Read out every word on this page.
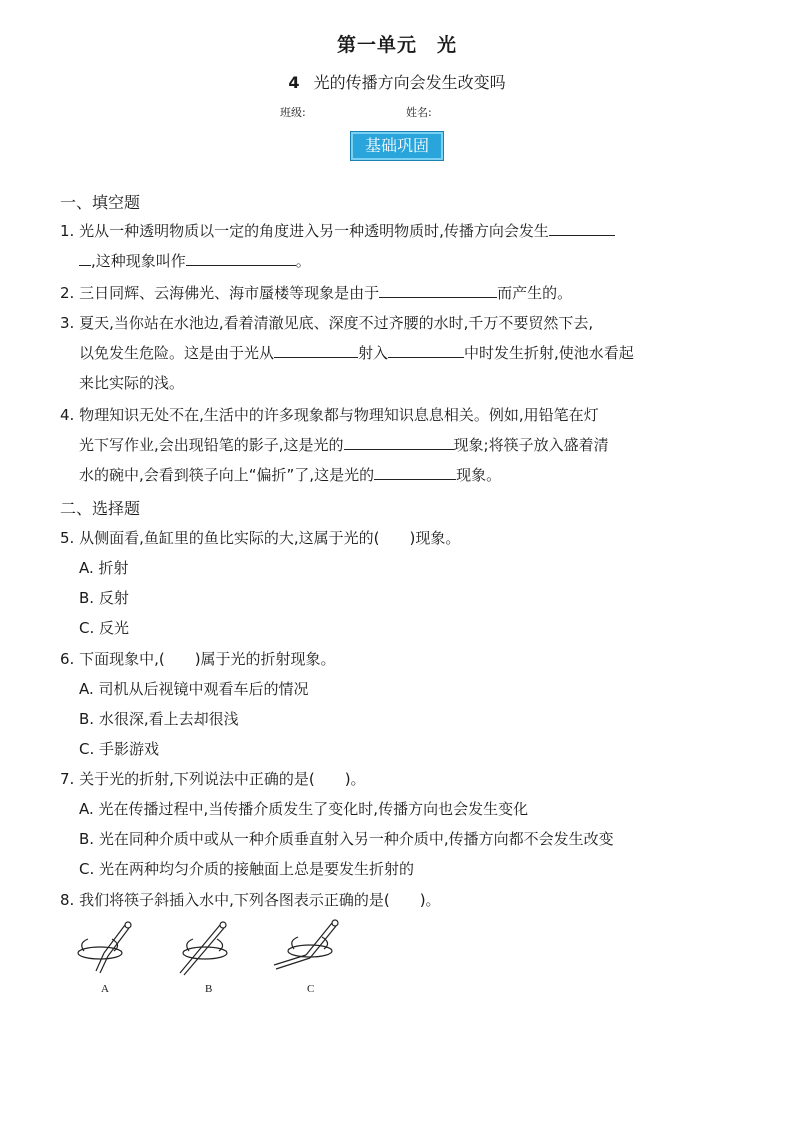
第一单元　光
4 光的传播方向会发生改变吗
班级:	姓名:
基础巩固
一、填空题
1. 光从一种透明物质以一定的角度进入另一种透明物质时,传播方向会发生
,这种现象叫作	。
2. 三日同辉、云海佛光、海市蜃楼等现象是由于	而产生的。
3. 夏天,当你站在水池边,看着清澈见底、深度不过齐腰的水时,千万不要贸然下去,
以免发生危险。这是由于光从	射入	中时发生折射,使池水看起
来比实际的浅。
4. 物理知识无处不在,生活中的许多现象都与物理知识息息相关。例如,用铅笔在灯
光下写作业,会出现铅笔的影子,这是光的	现象;将筷子放入盛着清
水的碗中,会看到筷子向上“偏折”了,这是光的	现象。
二、选择题
5. 从侧面看,鱼缸里的鱼比实际的大,这属于光的(　　)现象。
A. 折射
B. 反射
C. 反光
6. 下面现象中,(　　)属于光的折射现象。
A. 司机从后视镜中观看车后的情况
B. 水很深,看上去却很浅
C. 手影游戏
7. 关于光的折射,下列说法中正确的是(　　)。
A. 光在传播过程中,当传播介质发生了变化时,传播方向也会发生变化
B. 光在同种介质中或从一种介质垂直射入另一种介质中,传播方向都不会发生改变
C. 光在两种均匀介质的接触面上总是要发生折射的
8. 我们将筷子斜插入水中,下列各图表示正确的是(　　)。
A	B	C
